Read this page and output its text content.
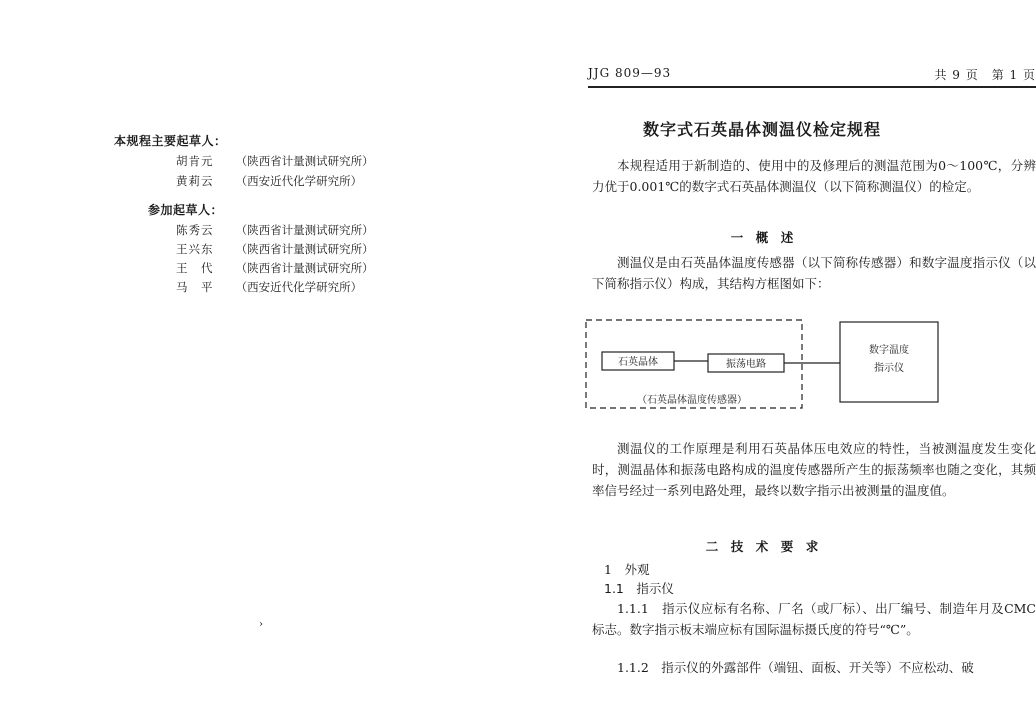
本规程主要起草人：
胡肯元 （陕西省计量测试研究所）
黄莉云 （西安近代化学研究所）
参加起草人：
陈秀云 （陕西省计量测试研究所）
王兴东 （陕西省计量测试研究所）
王　代 （陕西省计量测试研究所）
马　平 （西安近代化学研究所）
›
JJG 809—93	共 9 页　第 1 页
数字式石英晶体测温仪检定规程

本规程适用于新制造的、使用中的及修理后的测温范围为0～100℃，分辨力优于0.001℃的数字式石英晶体测温仪（以下简称测温仪）的检定。

一　概　述

测温仪是由石英晶体温度传感器（以下简称传感器）和数字温度指示仪（以下简称指示仪）构成，其结构方框图如下：

石英晶体	振荡电路
（石英晶体温度传感器）
数字温度
指示仪

测温仪的工作原理是利用石英晶体压电效应的特性，当被测温度发生变化时，测温晶体和振荡电路构成的温度传感器所产生的振荡频率也随之变化，其频率信号经过一系列电路处理，最终以数字指示出被测量的温度值。

二　技　术　要　求
1　外观
1.1　指示仪

1.1.1　指示仪应标有名称、厂名（或厂标）、出厂编号、制造年月及CMC标志。数字指示板末端应标有国际温标摄氏度的符号“℃”。

1.1.2　指示仪的外露部件（端钮、面板、开关等）不应松动、破
